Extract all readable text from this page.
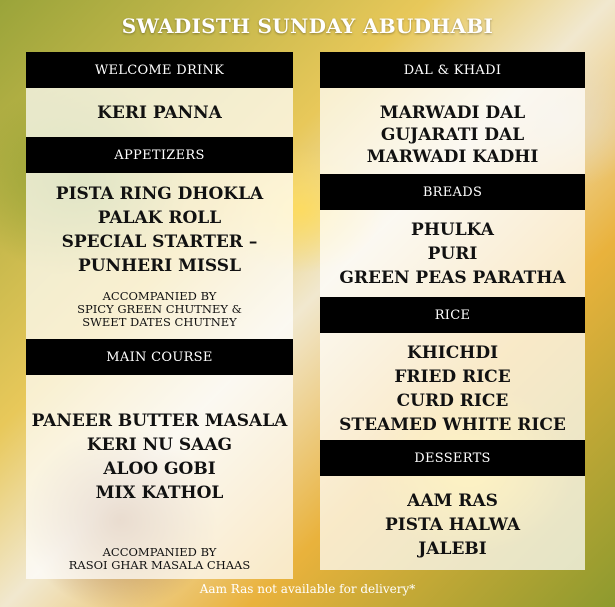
SWADISTH SUNDAY ABUDHABI
WELCOME DRINK
KERI PANNA
APPETIZERS
PISTA RING DHOKLA
PALAK ROLL
SPECIAL STARTER –
PUNHERI MISSL
ACCOMPANIED BY
SPICY GREEN CHUTNEY &
SWEET DATES CHUTNEY
MAIN COURSE
PANEER BUTTER MASALA
KERI NU SAAG
ALOO GOBI
MIX KATHOL
ACCOMPANIED BY
RASOI GHAR MASALA CHAAS
DAL & KHADI
MARWADI DAL
GUJARATI DAL
MARWADI KADHI
BREADS
PHULKA
PURI
GREEN PEAS PARATHA
RICE
KHICHDI
FRIED RICE
CURD RICE
STEAMED WHITE RICE
DESSERTS
AAM RAS
PISTA HALWA
JALEBI
Aam Ras not available for delivery*
